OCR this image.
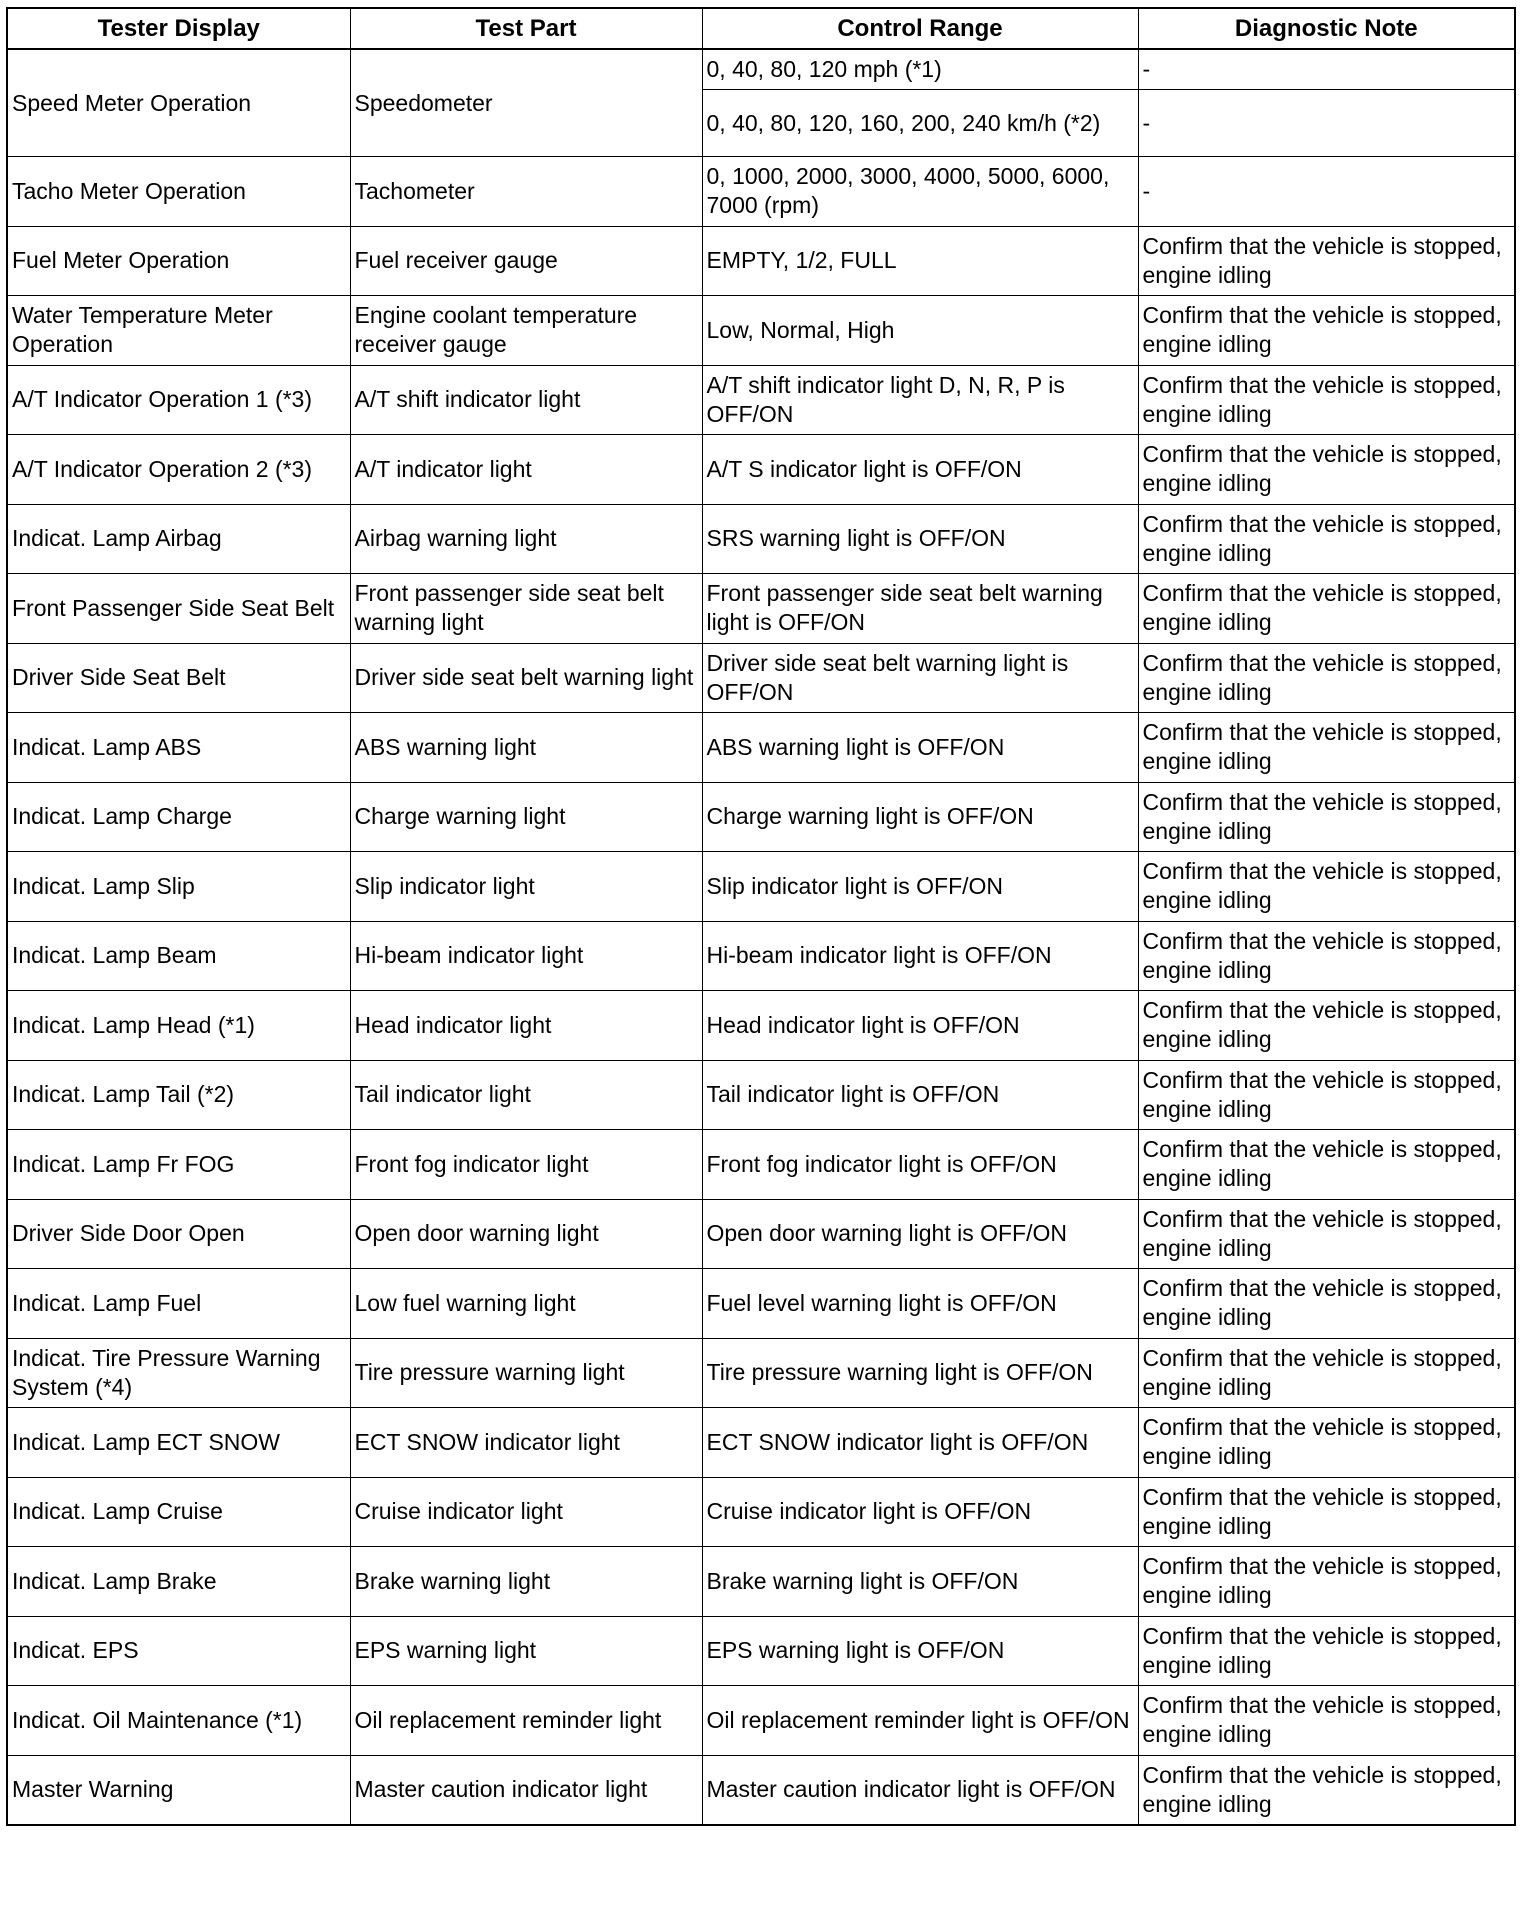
Tester Display	Test Part	Control Range	Diagnostic Note
Speed Meter Operation	Speedometer	0, 40, 80, 120 mph (*1)	-
		0, 40, 80, 120, 160, 200, 240 km/h (*2)	-
Tacho Meter Operation	Tachometer	0, 1000, 2000, 3000, 4000, 5000, 6000, 7000 (rpm)	-
Fuel Meter Operation	Fuel receiver gauge	EMPTY, 1/2, FULL	Confirm that the vehicle is stopped, engine idling
Water Temperature Meter Operation	Engine coolant temperature receiver gauge	Low, Normal, High	Confirm that the vehicle is stopped, engine idling
A/T Indicator Operation 1 (*3)	A/T shift indicator light	A/T shift indicator light D, N, R, P is OFF/ON	Confirm that the vehicle is stopped, engine idling
A/T Indicator Operation 2 (*3)	A/T indicator light	A/T S indicator light is OFF/ON	Confirm that the vehicle is stopped, engine idling
Indicat. Lamp Airbag	Airbag warning light	SRS warning light is OFF/ON	Confirm that the vehicle is stopped, engine idling
Front Passenger Side Seat Belt	Front passenger side seat belt warning light	Front passenger side seat belt warning light is OFF/ON	Confirm that the vehicle is stopped, engine idling
Driver Side Seat Belt	Driver side seat belt warning light	Driver side seat belt warning light is OFF/ON	Confirm that the vehicle is stopped, engine idling
Indicat. Lamp ABS	ABS warning light	ABS warning light is OFF/ON	Confirm that the vehicle is stopped, engine idling
Indicat. Lamp Charge	Charge warning light	Charge warning light is OFF/ON	Confirm that the vehicle is stopped, engine idling
Indicat. Lamp Slip	Slip indicator light	Slip indicator light is OFF/ON	Confirm that the vehicle is stopped, engine idling
Indicat. Lamp Beam	Hi-beam indicator light	Hi-beam indicator light is OFF/ON	Confirm that the vehicle is stopped, engine idling
Indicat. Lamp Head (*1)	Head indicator light	Head indicator light is OFF/ON	Confirm that the vehicle is stopped, engine idling
Indicat. Lamp Tail (*2)	Tail indicator light	Tail indicator light is OFF/ON	Confirm that the vehicle is stopped, engine idling
Indicat. Lamp Fr FOG	Front fog indicator light	Front fog indicator light is OFF/ON	Confirm that the vehicle is stopped, engine idling
Driver Side Door Open	Open door warning light	Open door warning light is OFF/ON	Confirm that the vehicle is stopped, engine idling
Indicat. Lamp Fuel	Low fuel warning light	Fuel level warning light is OFF/ON	Confirm that the vehicle is stopped, engine idling
Indicat. Tire Pressure Warning System (*4)	Tire pressure warning light	Tire pressure warning light is OFF/ON	Confirm that the vehicle is stopped, engine idling
Indicat. Lamp ECT SNOW	ECT SNOW indicator light	ECT SNOW indicator light is OFF/ON	Confirm that the vehicle is stopped, engine idling
Indicat. Lamp Cruise	Cruise indicator light	Cruise indicator light is OFF/ON	Confirm that the vehicle is stopped, engine idling
Indicat. Lamp Brake	Brake warning light	Brake warning light is OFF/ON	Confirm that the vehicle is stopped, engine idling
Indicat. EPS	EPS warning light	EPS warning light is OFF/ON	Confirm that the vehicle is stopped, engine idling
Indicat. Oil Maintenance (*1)	Oil replacement reminder light	Oil replacement reminder light is OFF/ON	Confirm that the vehicle is stopped, engine idling
Master Warning	Master caution indicator light	Master caution indicator light is OFF/ON	Confirm that the vehicle is stopped, engine idling
